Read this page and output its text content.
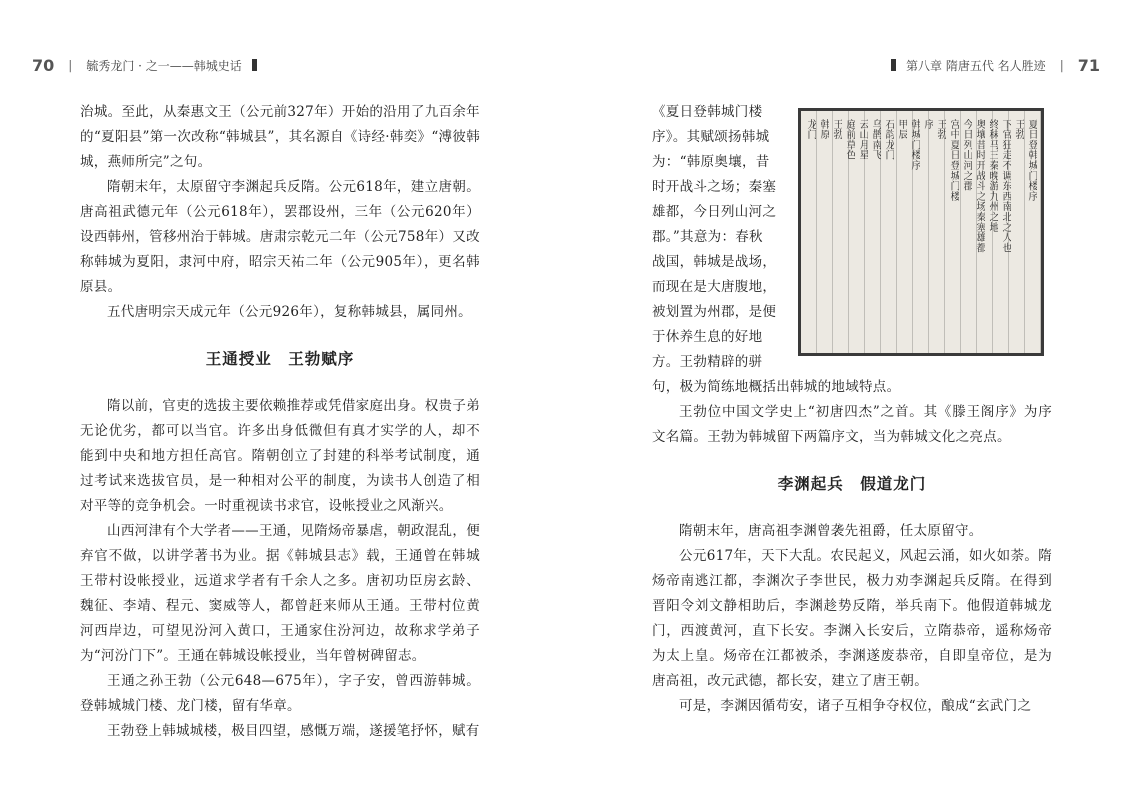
70 | 毓秀龙门 · 之一——韩城史话	第八章 隋唐五代 名人胜迹 | 71

治城。至此，从秦惠文王（公元前327年）开始的沿用了九百余年的“夏阳县”第一次改称“韩城县”，其名源自《诗经·韩奕》“溥彼韩城，燕师所完”之句。

隋朝末年，太原留守李渊起兵反隋。公元618年，建立唐朝。唐高祖武德元年（公元618年），罢郡设州，三年（公元620年）设西韩州，管移州治于韩城。唐肃宗乾元二年（公元758年）又改称韩城为夏阳，隶河中府，昭宗天祐二年（公元905年），更名韩原县。

五代唐明宗天成元年（公元926年），复称韩城县，属同州。

王通授业　王勃赋序

隋以前，官吏的选拔主要依赖推荐或凭借家庭出身。权贵子弟无论优劣，都可以当官。许多出身低微但有真才实学的人，却不能到中央和地方担任高官。隋朝创立了封建的科举考试制度，通过考试来选拔官员，是一种相对公平的制度，为读书人创造了相对平等的竞争机会。一时重视读书求官，设帐授业之风渐兴。

山西河津有个大学者——王通，见隋炀帝暴虐，朝政混乱，便弃官不做，以讲学著书为业。据《韩城县志》载，王通曾在韩城王带村设帐授业，远道求学者有千余人之多。唐初功臣房玄龄、魏征、李靖、程元、窦威等人，都曾赶来师从王通。王带村位黄河西岸边，可望见汾河入黄口，王通家住汾河边，故称求学弟子为“河汾门下”。王通在韩城设帐授业，当年曾树碑留志。

王通之孙王勃（公元648—675年），字子安，曾西游韩城。登韩城城门楼、龙门楼，留有华章。

王勃登上韩城城楼，极目四望，感慨万端，遂援笔抒怀，赋有

《夏日登韩城门楼
序》。其赋颂扬韩城
为：“韩原奥壤，昔
时开战斗之场；秦塞
雄都，今日列山河之
郡。”其意为：春秋
战国，韩城是战场，
而现在是大唐腹地，
被划置为州郡，是便
于休养生息的好地
方。王勃精辟的骈
夏日登韩城门楼序
王勃
下官狂走不调东西南北之人也
终秣马三秦晚游九州之地
奥壤昔时开战斗之场秦塞雄都
今日列山河之郡
宫中夏日登城门楼
王勃
序
韩城门楼序
甲辰
石韵龙门
乌鹊南飞
云山月星
庭前草色
王勃
韩原
龙门

句，极为简练地概括出韩城的地域特点。

王勃位中国文学史上“初唐四杰”之首。其《滕王阁序》为序文名篇。王勃为韩城留下两篇序文，当为韩城文化之亮点。

李渊起兵　假道龙门

隋朝末年，唐高祖李渊曾袭先祖爵，任太原留守。

公元617年，天下大乱。农民起义，风起云涌，如火如荼。隋炀帝南逃江都，李渊次子李世民，极力劝李渊起兵反隋。在得到晋阳令刘文静相助后，李渊趁势反隋，举兵南下。他假道韩城龙门，西渡黄河，直下长安。李渊入长安后，立隋恭帝，遥称炀帝为太上皇。炀帝在江都被杀，李渊遂废恭帝，自即皇帝位，是为唐高祖，改元武德，都长安，建立了唐王朝。

可是，李渊因循苟安，诸子互相争夺权位，酿成“玄武门之
